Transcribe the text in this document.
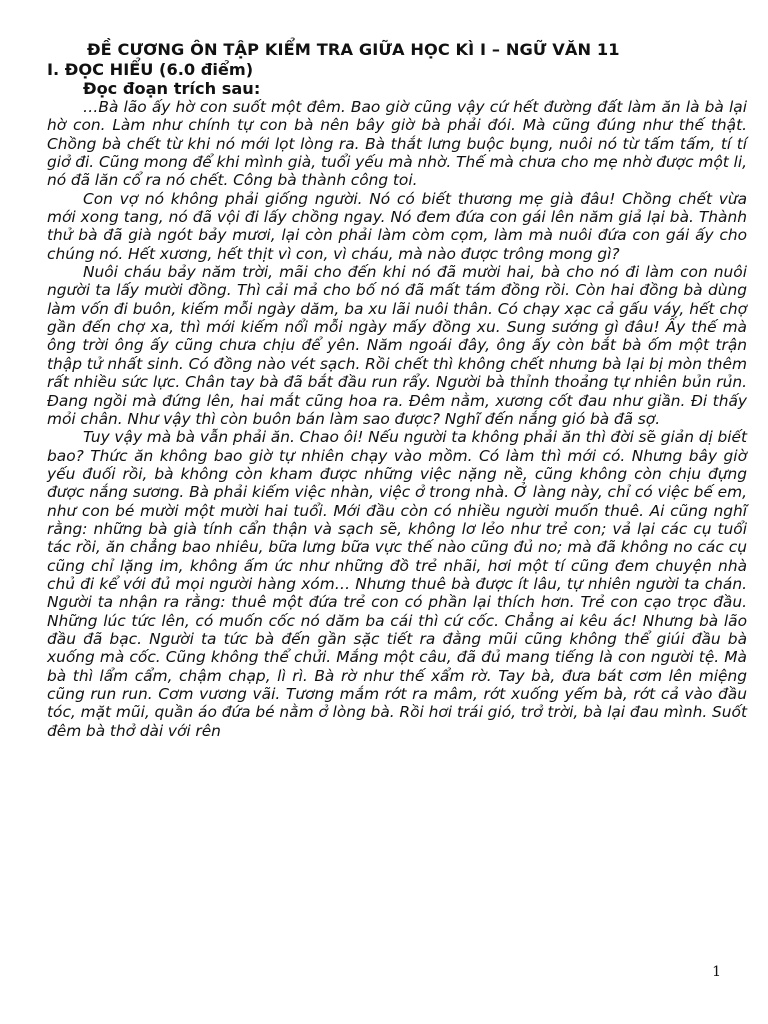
ĐỀ CƯƠNG ÔN TẬP KIỂM TRA GIỮA HỌC KÌ I – NGỮ VĂN 11

I. ĐỌC HIỂU (6.0 điểm)

Đọc đoạn trích sau:

…Bà lão ấy hờ con suốt một đêm. Bao giờ cũng vậy cứ hết đường đất làm ăn là bà lại hờ con. Làm như chính tự con bà nên bây giờ bà phải đói. Mà cũng đúng như thế thật. Chồng bà chết từ khi nó mới lọt lòng ra. Bà thắt lưng buộc bụng, nuôi nó từ tấm tấm, tí tí giở đi. Cũng mong để khi mình già, tuổi yếu mà nhờ. Thế mà chưa cho mẹ nhờ được một li, nó đã lăn cổ ra nó chết. Công bà thành công toi.

Con vợ nó không phải giống người. Nó có biết thương mẹ già đâu! Chồng chết vừa mới xong tang, nó đã vội đi lấy chồng ngay. Nó đem đứa con gái lên năm giả lại bà. Thành thử bà đã già ngót bảy mươi, lại còn phải làm còm cọm, làm mà nuôi đứa con gái ấy cho chúng nó. Hết xương, hết thịt vì con, vì cháu, mà nào được trông mong gì?

Nuôi cháu bảy năm trời, mãi cho đến khi nó đã mười hai, bà cho nó đi làm con nuôi người ta lấy mười đồng. Thì cải mả cho bố nó đã mất tám đồng rồi. Còn hai đồng bà dùng làm vốn đi buôn, kiếm mỗi ngày dăm, ba xu lãi nuôi thân. Có chạy xạc cả gấu váy, hết chợ gần đến chợ xa, thì mới kiếm nổi mỗi ngày mấy đồng xu. Sung sướng gì đâu! Ấy thế mà ông trời ông ấy cũng chưa chịu để yên. Năm ngoái đây, ông ấy còn bắt bà ốm một trận thập tử nhất sinh. Có đồng nào vét sạch. Rồi chết thì không chết nhưng bà lại bị mòn thêm rất nhiều sức lực. Chân tay bà đã bắt đầu run rẩy. Người bà thỉnh thoảng tự nhiên bủn rủn. Đang ngồi mà đứng lên, hai mắt cũng hoa ra. Đêm nằm, xương cốt đau như giần. Đi thấy mỏi chân. Như vậy thì còn buôn bán làm sao được? Nghĩ đến nắng gió bà đã sợ.

Tuy vậy mà bà vẫn phải ăn. Chao ôi! Nếu người ta không phải ăn thì đời sẽ giản dị biết bao? Thức ăn không bao giờ tự nhiên chạy vào mồm. Có làm thì mới có. Nhưng bây giờ yếu đuối rồi, bà không còn kham được những việc nặng nề, cũng không còn chịu đựng được nắng sương. Bà phải kiếm việc nhàn, việc ở trong nhà. Ở làng này, chỉ có việc bế em, như con bé mười một mười hai tuổi. Mới đầu còn có nhiều người muốn thuê. Ai cũng nghĩ rằng: những bà già tính cẩn thận và sạch sẽ, không lơ lẻo như trẻ con; vả lại các cụ tuổi tác rồi, ăn chẳng bao nhiêu, bữa lưng bữa vực thế nào cũng đủ no; mà đã không no các cụ cũng chỉ lặng im, không ấm ức như những đồ trẻ nhãi, hơi một tí cũng đem chuyện nhà chủ đi kể với đủ mọi người hàng xóm… Nhưng thuê bà được ít lâu, tự nhiên người ta chán. Người ta nhận ra rằng: thuê một đứa trẻ con có phần lại thích hơn. Trẻ con cạo trọc đầu. Những lúc tức lên, có muốn cốc nó dăm ba cái thì cứ cốc. Chẳng ai kêu ác! Nhưng bà lão đầu đã bạc. Người ta tức bà đến gần sặc tiết ra đằng mũi cũng không thể giúi đầu bà xuống mà cốc. Cũng không thể chửi. Mắng một câu, đã đủ mang tiếng là con người tệ. Mà bà thì lẩm cẩm, chậm chạp, lì rì. Bà rờ như thế xẩm rờ. Tay bà, đưa bát cơm lên miệng cũng run run. Cơm vương vãi. Tương mắm rớt ra mâm, rớt xuống yếm bà, rớt cả vào đầu tóc, mặt mũi, quần áo đứa bé nằm ở lòng bà. Rồi hơi trái gió, trở trời, bà lại đau mình. Suốt đêm bà thở dài với rên

1
